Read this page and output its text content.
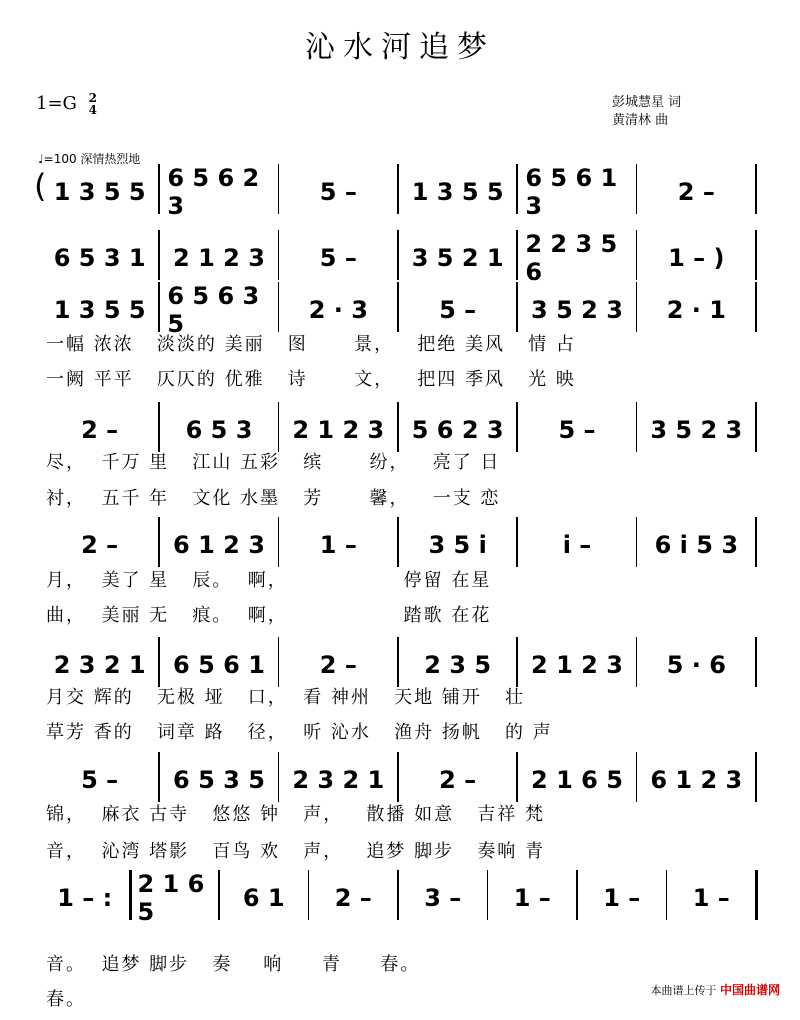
沁水河追梦
1=G 2
4	彭城慧星 词
黄清林 曲
♩=100 深情热烈地
( 1 3 5 5 6 5 6 2 3	5 – 1 3 5 5 6 5 6 1 3	2 –
6 5 3 1 2 1 2 3 5 – 3 5 2 1 2 2 3 5 6	1 – )
1 3 5 5 6 5 6 3 5	2 · 3	5 – 3 5 2 3 2 · 1
一幅 浓浓   淡淡的 美丽   图      景，   把绝 美风   情 占
一阙 平平   仄仄的 优雅   诗      文，   把四 季风   光 映
2 –	6 5 3 2 1 2 3 5 6 2 3 5 – 3 5 2 3
尽，  千万 里   江山 五彩   缤      纷，   亮了 日
衬，  五千 年   文化 水墨   芳      馨，   一支 恋
2 – 6 1 2 3 1 –	3 5 i	i –	6 i 5 3
月，  美了 星   辰。  啊，               停留 在星
曲，  美丽 无   痕。  啊，               踏歌 在花
2 3 2 1 6 5 6 1 2 –	2 3 5 2 1 2 3 5 · 6
月交 辉的   无极 垭   口，  看 神州   天地 铺开   壮
草芳 香的   词章 路   径，  听 沁水   渔舟 扬帆   的 声
5 – 6 5 3 5 2 3 2 1 2 – 2 1 6 5 6 1 2 3
锦，  麻衣 古寺   悠悠 钟   声，   散播 如意   吉祥 梵
音，  沁湾 塔影   百鸟 欢   声，   追梦 脚步   奏响 青
1 – : 2 1 6 5	6 1 2 – 3 – 1 – 1 – 1 –
音。  追梦 脚步   奏    响     青     春。
春。	本曲谱上传于 中国曲谱网
